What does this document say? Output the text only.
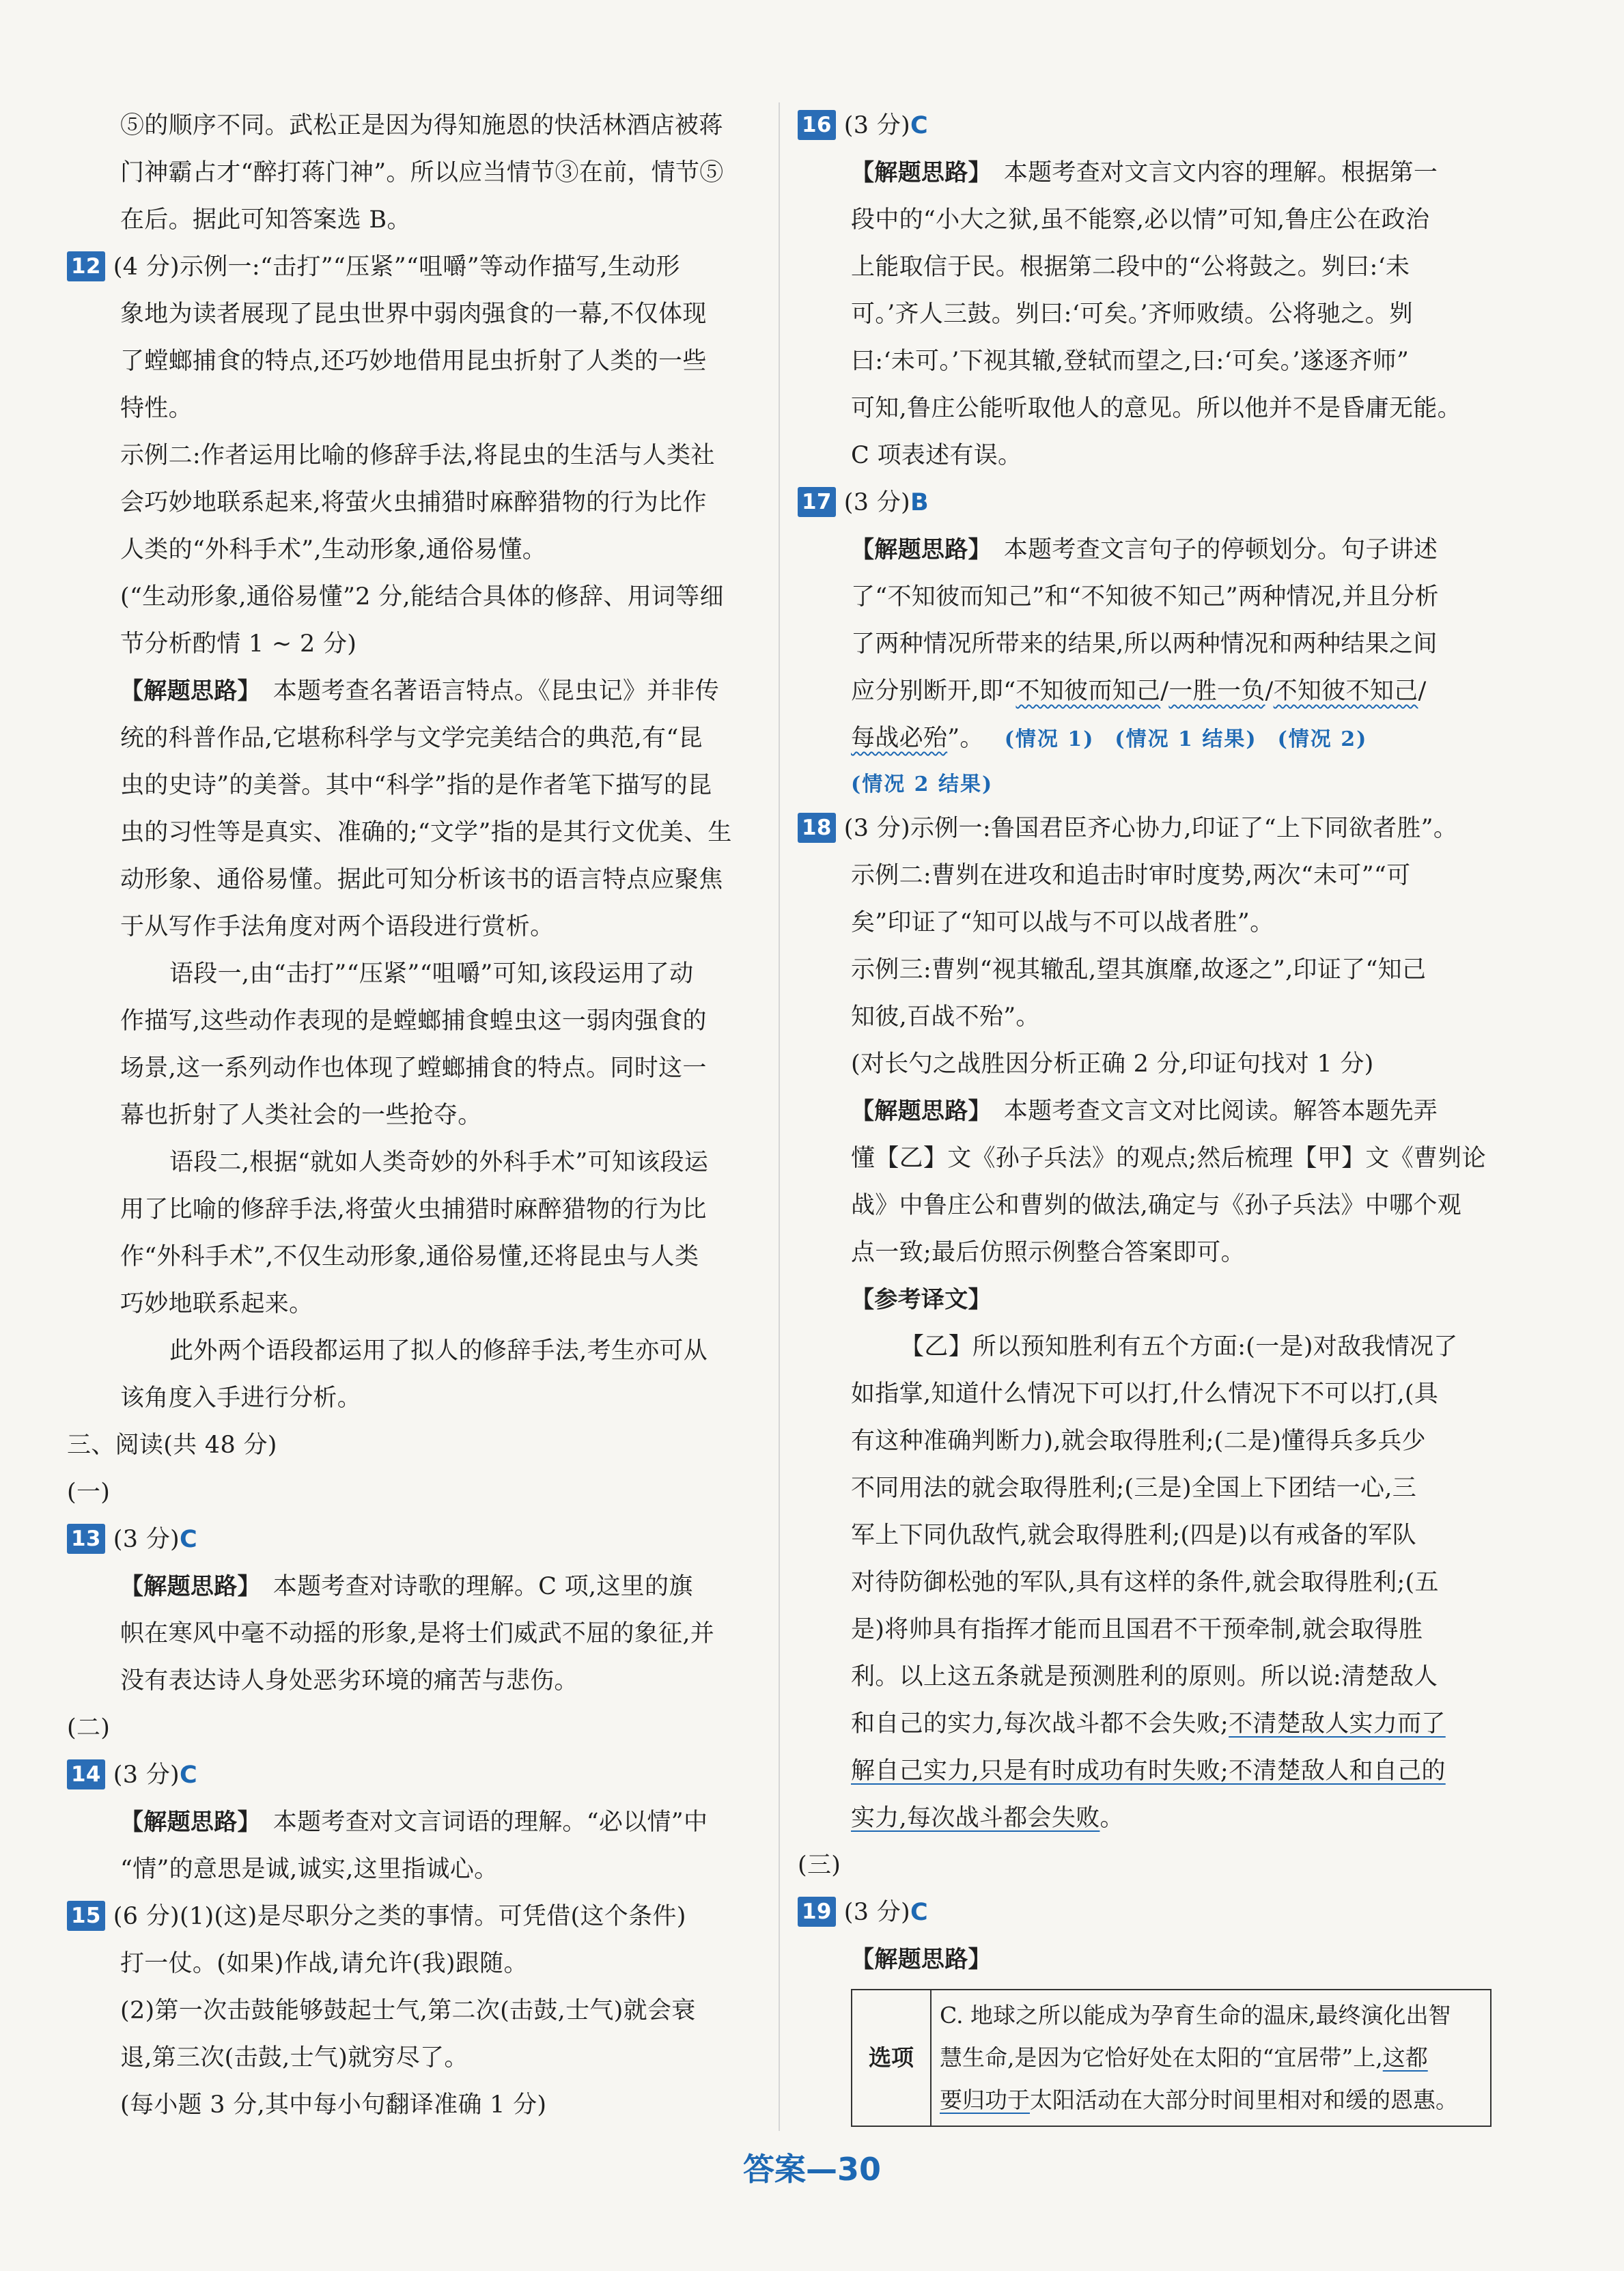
⑤的顺序不同。武松正是因为得知施恩的快活林酒店被蒋

门神霸占才“醉打蒋门神”。所以应当情节③在前，情节⑤

在后。据此可知答案选 B。

12 (4 分)示例一:“击打”“压紧”“咀嚼”等动作描写,生动形

象地为读者展现了昆虫世界中弱肉强食的一幕,不仅体现

了螳螂捕食的特点,还巧妙地借用昆虫折射了人类的一些

特性。

示例二:作者运用比喻的修辞手法,将昆虫的生活与人类社

会巧妙地联系起来,将萤火虫捕猎时麻醉猎物的行为比作

人类的“外科手术”,生动形象,通俗易懂。

(“生动形象,通俗易懂”2 分,能结合具体的修辞、用词等细

节分析酌情 1 ~ 2 分)

【解题思路】 本题考查名著语言特点。《昆虫记》并非传

统的科普作品,它堪称科学与文学完美结合的典范,有“昆

虫的史诗”的美誉。其中“科学”指的是作者笔下描写的昆

虫的习性等是真实、准确的;“文学”指的是其行文优美、生

动形象、通俗易懂。据此可知分析该书的语言特点应聚焦

于从写作手法角度对两个语段进行赏析。

语段一,由“击打”“压紧”“咀嚼”可知,该段运用了动

作描写,这些动作表现的是螳螂捕食蝗虫这一弱肉强食的

场景,这一系列动作也体现了螳螂捕食的特点。同时这一

幕也折射了人类社会的一些抢夺。

语段二,根据“就如人类奇妙的外科手术”可知该段运

用了比喻的修辞手法,将萤火虫捕猎时麻醉猎物的行为比

作“外科手术”,不仅生动形象,通俗易懂,还将昆虫与人类

巧妙地联系起来。

此外两个语段都运用了拟人的修辞手法,考生亦可从

该角度入手进行分析。

三、阅读(共 48 分)

(一)

13 (3 分)C

【解题思路】 本题考查对诗歌的理解。C 项,这里的旗

帜在寒风中毫不动摇的形象,是将士们威武不屈的象征,并

没有表达诗人身处恶劣环境的痛苦与悲伤。

(二)

14 (3 分)C

【解题思路】 本题考查对文言词语的理解。“必以情”中

“情”的意思是诚,诚实,这里指诚心。

15 (6 分)(1)(这)是尽职分之类的事情。可凭借(这个条件)

打一仗。(如果)作战,请允许(我)跟随。

(2)第一次击鼓能够鼓起士气,第二次(击鼓,士气)就会衰

退,第三次(击鼓,士气)就穷尽了。

(每小题 3 分,其中每小句翻译准确 1 分)

16 (3 分)C

【解题思路】 本题考查对文言文内容的理解。根据第一

段中的“小大之狱,虽不能察,必以情”可知,鲁庄公在政治

上能取信于民。根据第二段中的“公将鼓之。刿曰:‘未

可。’齐人三鼓。刿曰:‘可矣。’齐师败绩。公将驰之。刿

曰:‘未可。’下视其辙,登轼而望之,曰:‘可矣。’遂逐齐师”

可知,鲁庄公能听取他人的意见。所以他并不是昏庸无能。

C 项表述有误。

17 (3 分)B

【解题思路】 本题考查文言句子的停顿划分。句子讲述

了“不知彼而知己”和“不知彼不知己”两种情况,并且分析

了两种情况所带来的结果,所以两种情况和两种结果之间

应分别断开,即“不知彼而知己/一胜一负/不知彼不知己/

每战必殆”。 (情况 1) (情况 1 结果) (情况 2)

(情况 2 结果)

18 (3 分)示例一:鲁国君臣齐心协力,印证了“上下同欲者胜”。

示例二:曹刿在进攻和追击时审时度势,两次“未可”“可

矣”印证了“知可以战与不可以战者胜”。

示例三:曹刿“视其辙乱,望其旗靡,故逐之”,印证了“知己

知彼,百战不殆”。

(对长勺之战胜因分析正确 2 分,印证句找对 1 分)

【解题思路】 本题考查文言文对比阅读。解答本题先弄

懂【乙】文《孙子兵法》的观点;然后梳理【甲】文《曹刿论

战》中鲁庄公和曹刿的做法,确定与《孙子兵法》中哪个观

点一致;最后仿照示例整合答案即可。

【参考译文】

【乙】所以预知胜利有五个方面:(一是)对敌我情况了

如指掌,知道什么情况下可以打,什么情况下不可以打,(具

有这种准确判断力),就会取得胜利;(二是)懂得兵多兵少

不同用法的就会取得胜利;(三是)全国上下团结一心,三

军上下同仇敌忾,就会取得胜利;(四是)以有戒备的军队

对待防御松弛的军队,具有这样的条件,就会取得胜利;(五

是)将帅具有指挥才能而且国君不干预牵制,就会取得胜

利。以上这五条就是预测胜利的原则。所以说:清楚敌人

和自己的实力,每次战斗都不会失败;不清楚敌人实力而了

解自己实力,只是有时成功有时失败;不清楚敌人和自己的

实力,每次战斗都会失败。

(三)

19 (3 分)C

【解题思路】

选项	
C. 地球之所以能成为孕育生命的温床,最终演化出智
慧生命,是因为它恰好处在太阳的“宜居带”上,这都
要归功于太阳活动在大部分时间里相对和缓的恩惠。
答案—30
